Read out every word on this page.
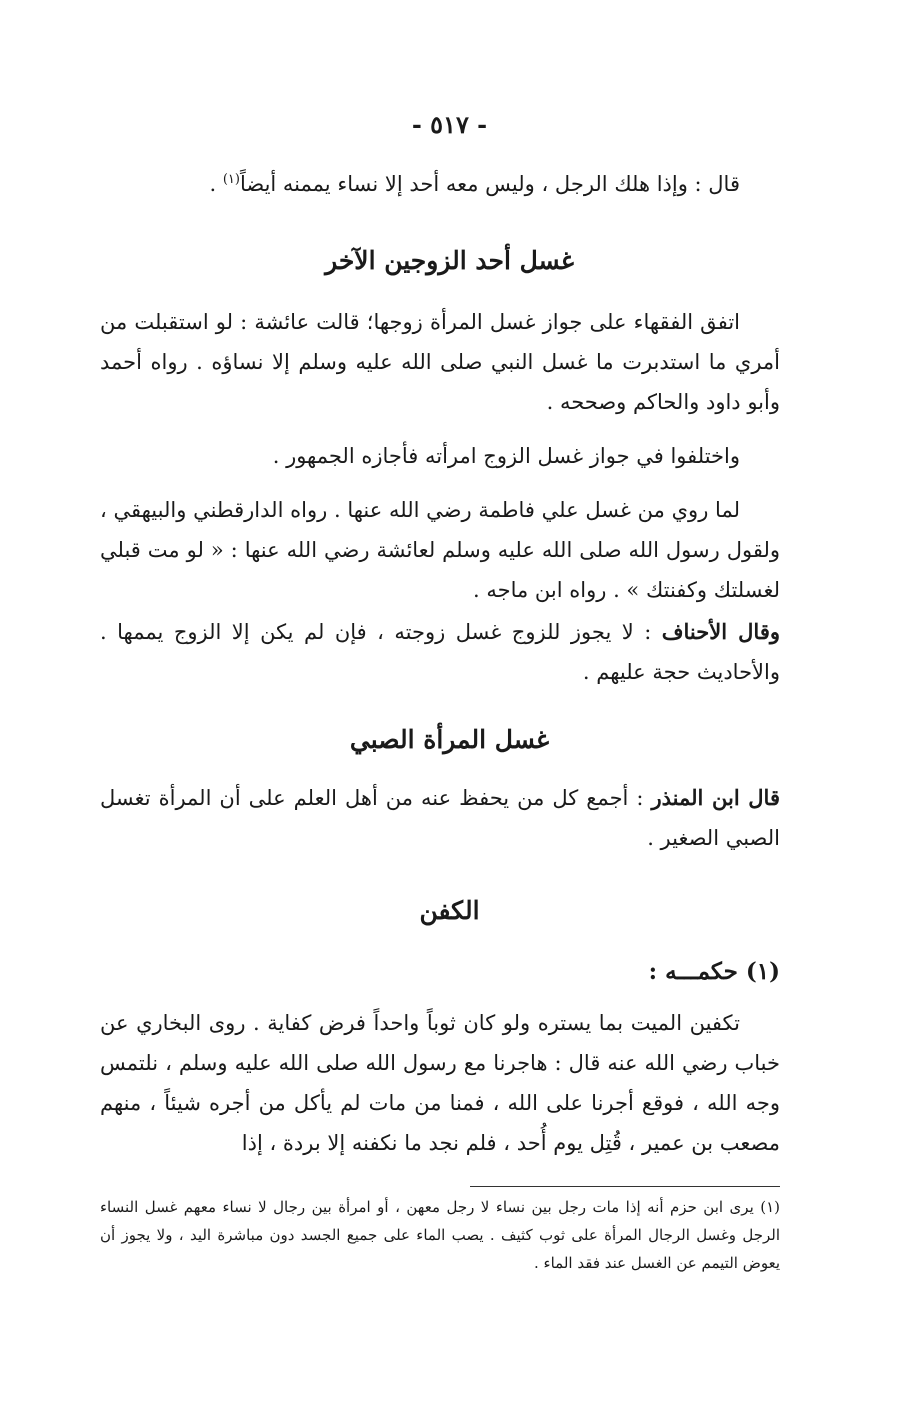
- ٥١٧ -
قال : وإذا هلك الرجل ، وليس معه أحد إلا نساء يممنه أيضاً$^{(١)}$ .
غسل أحد الزوجين الآخر
اتفق الفقهاء على جواز غسل المرأة زوجها؛ قالت عائشة : لو استقبلت من أمري ما استدبرت ما غسل النبي صلى الله عليه وسلم إلا نساؤه . رواه أحمد وأبو داود والحاكم وصححه .
واختلفوا في جواز غسل الزوج امرأته فأجازه الجمهور .
لما روي من غسل علي فاطمة رضي الله عنها . رواه الدارقطني والبيهقي ، ولقول رسول الله صلى الله عليه وسلم لعائشة رضي الله عنها : « لو مت قبلي لغسلتك وكفنتك » . رواه ابن ماجه .
وقال الأحناف : لا يجوز للزوج غسل زوجته ، فإن لم يكن إلا الزوج يممها . والأحاديث حجة عليهم .
غسل المرأة الصبي
قال ابن المنذر : أجمع كل من يحفظ عنه من أهل العلم على أن المرأة تغسل الصبي الصغير .
الكفن
(١) حكمـــه :
تكفين الميت بما يستره ولو كان ثوباً واحداً فرض كفاية . روى البخاري عن خباب رضي الله عنه قال : هاجرنا مع رسول الله صلى الله عليه وسلم ، نلتمس وجه الله ، فوقع أجرنا على الله ، فمنا من مات لم يأكل من أجره شيئاً ، منهم مصعب بن عمير ، قُتِل يوم أُحد ، فلم نجد ما نكفنه إلا بردة ، إذا
(١) يرى ابن حزم أنه إذا مات رجل بين نساء لا رجل معهن ، أو امرأة بين رجال لا نساء معهم غسل النساء الرجل وغسل الرجال المرأة على ثوب كثيف . يصب الماء على جميع الجسد دون مباشرة اليد ، ولا يجوز أن يعوض التيمم عن الغسل عند فقد الماء .
